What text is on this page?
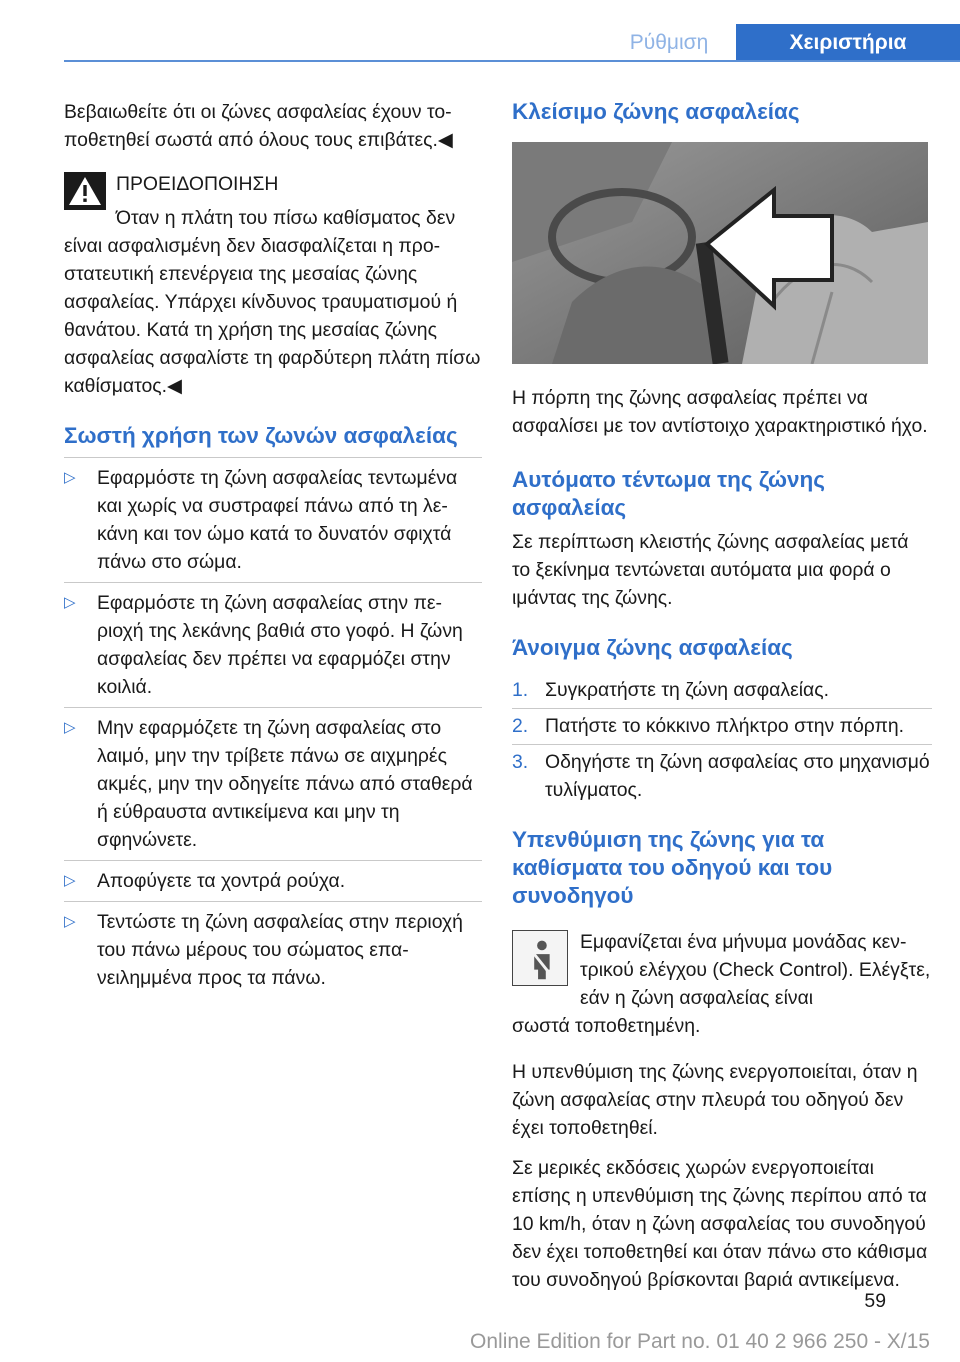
Ρύθμιση	Χειριστήρια

Βεβαιωθείτε ότι οι ζώνες ασφαλείας έχουν τοποθετηθεί σωστά από όλους τους επιβάτες.◀

ΠΡΟΕΙΔΟΠΟΙΗΣΗ

Όταν η πλάτη του πίσω καθίσματος δεν είναι ασφαλισμένη δεν διασφαλίζεται η προστατευτική επενέργεια της μεσαίας ζώνης ασφαλείας. Υπάρχει κίνδυνος τραυματισμού ή θανάτου. Κατά τη χρήση της μεσαίας ζώνης ασφαλείας ασφαλίστε τη φαρδύτερη πλάτη πίσω καθίσματος.◀

Σωστή χρήση των ζωνών ασφαλείας
▷ Εφαρμόστε τη ζώνη ασφαλείας τεντωμένα και χωρίς να συστραφεί πάνω από τη λεκάνη και τον ώμο κατά το δυνατόν σφιχτά πάνω στο σώμα.
▷ Εφαρμόστε τη ζώνη ασφαλείας στην περιοχή της λεκάνης βαθιά στο γοφό. Η ζώνη ασφαλείας δεν πρέπει να εφαρμόζει στην κοιλιά.
▷ Μην εφαρμόζετε τη ζώνη ασφαλείας στο λαιμό, μην την τρίβετε πάνω σε αιχμηρές ακμές, μην την οδηγείτε πάνω από σταθερά ή εύθραυστα αντικείμενα και μην τη σφηνώνετε.
▷ Αποφύγετε τα χοντρά ρούχα.
▷ Τεντώστε τη ζώνη ασφαλείας στην περιοχή του πάνω μέρους του σώματος επανειλημμένα προς τα πάνω.
Κλείσιμο ζώνης ασφαλείας

Η πόρπη της ζώνης ασφαλείας πρέπει να ασφαλίσει με τον αντίστοιχο χαρακτηριστικό ήχο.

Αυτόματο τέντωμα της ζώνης ασφαλείας

Σε περίπτωση κλειστής ζώνης ασφαλείας μετά το ξεκίνημα τεντώνεται αυτόματα μια φορά ο ιμάντας της ζώνης.

Άνοιγμα ζώνης ασφαλείας
1. Συγκρατήστε τη ζώνη ασφαλείας.
2. Πατήστε το κόκκινο πλήκτρο στην πόρπη.
3. Οδηγήστε τη ζώνη ασφαλείας στο μηχανισμό τυλίγματος.
Υπενθύμιση της ζώνης για τα καθίσματα του οδηγού και του συνοδηγού
Εμφανίζεται ένα μήνυμα μονάδας κεντρικού ελέγχου (Check Control). Ελέγξτε, εάν η ζώνη ασφαλείας είναι
σωστά τοποθετημένη.

Η υπενθύμιση της ζώνης ενεργοποιείται, όταν η ζώνη ασφαλείας στην πλευρά του οδηγού δεν έχει τοποθετηθεί.

Σε μερικές εκδόσεις χωρών ενεργοποιείται επίσης η υπενθύμιση της ζώνης περίπου από τα 10 km/h, όταν η ζώνη ασφαλείας του συνοδηγού δεν έχει τοποθετηθεί και όταν πάνω στο κάθισμα του συνοδηγού βρίσκονται βαριά αντικείμενα.

59
Online Edition for Part no. 01 40 2 966 250 - X/15
